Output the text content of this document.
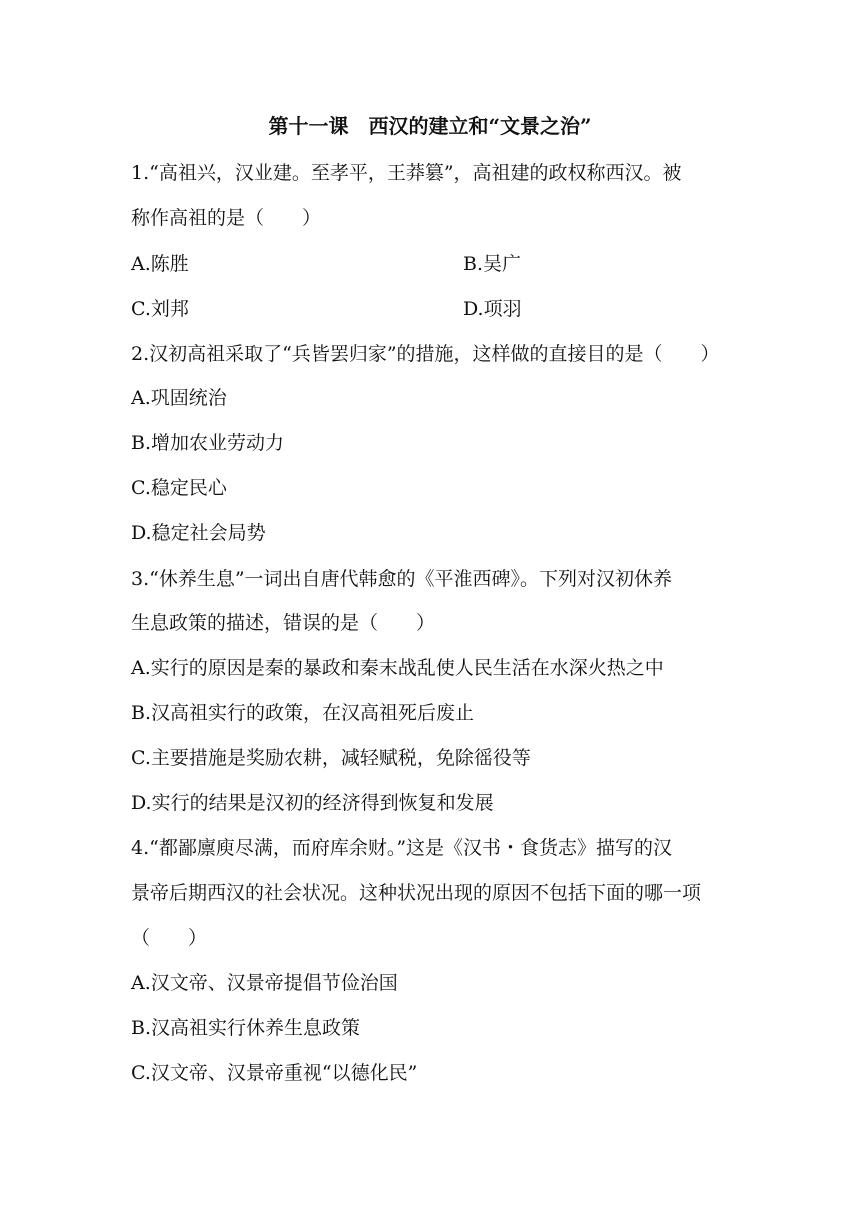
第十一课　西汉的建立和“文景之治”
1.“高祖兴，汉业建。至孝平，王莽篡”，高祖建的政权称西汉。被
称作高祖的是（　　）
A.陈胜	B.吴广
C.刘邦	D.项羽
2.汉初高祖采取了“兵皆罢归家”的措施，这样做的直接目的是（　　）
A.巩固统治
B.增加农业劳动力
C.稳定民心
D.稳定社会局势
3.“休养生息”一词出自唐代韩愈的《平淮西碑》。下列对汉初休养
生息政策的描述，错误的是（　　）
A.实行的原因是秦的暴政和秦末战乱使人民生活在水深火热之中
B.汉高祖实行的政策，在汉高祖死后废止
C.主要措施是奖励农耕，减轻赋税，免除徭役等
D.实行的结果是汉初的经济得到恢复和发展
4.“都鄙廪庾尽满，而府库余财。”这是《汉书・食货志》描写的汉
景帝后期西汉的社会状况。这种状况出现的原因不包括下面的哪一项
（　　）
A.汉文帝、汉景帝提倡节俭治国
B.汉高祖实行休养生息政策
C.汉文帝、汉景帝重视“以德化民”
